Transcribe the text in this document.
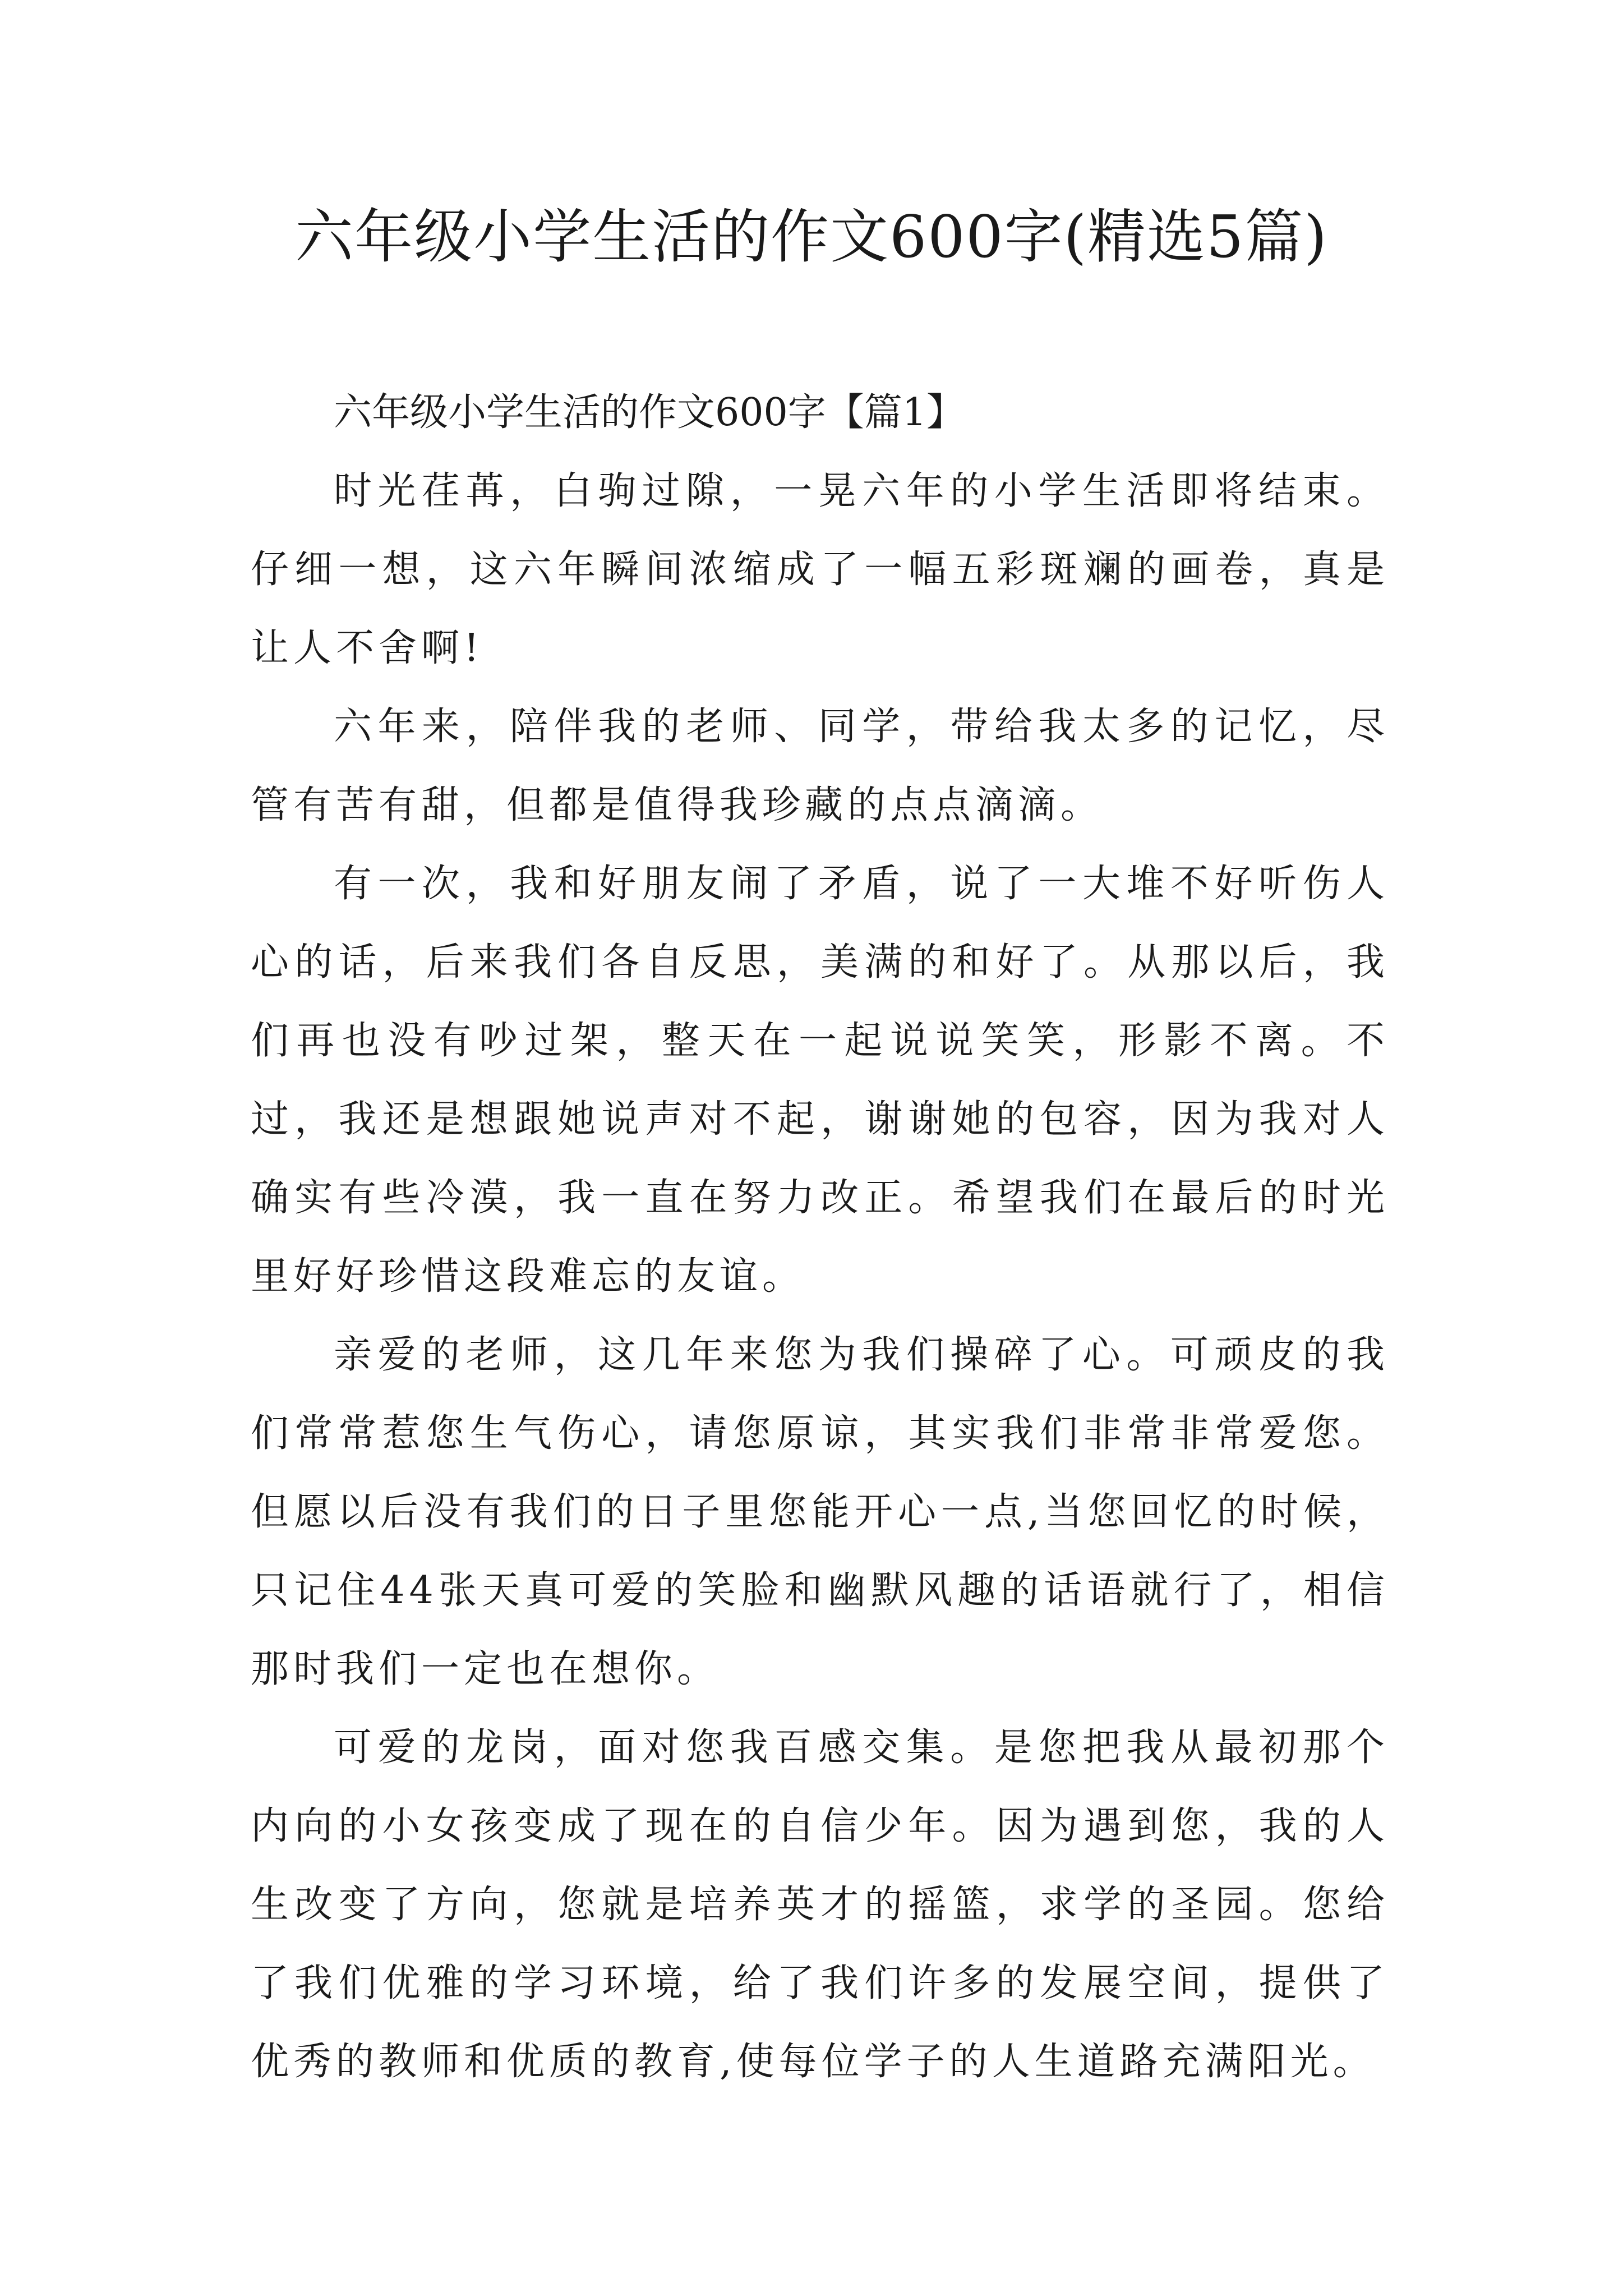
六年级小学生活的作文600字(精选5篇)

六年级小学生活的作文600字【篇1】

时光荏苒，白驹过隙，一晃六年的小学生活即将结束。仔细一想，这六年瞬间浓缩成了一幅五彩斑斓的画卷，真是让人不舍啊!

六年来，陪伴我的老师、同学，带给我太多的记忆，尽管有苦有甜，但都是值得我珍藏的点点滴滴。

有一次，我和好朋友闹了矛盾，说了一大堆不好听伤人心的话，后来我们各自反思，美满的和好了。从那以后，我们再也没有吵过架，整天在一起说说笑笑，形影不离。不过，我还是想跟她说声对不起，谢谢她的包容，因为我对人确实有些冷漠，我一直在努力改正。希望我们在最后的时光里好好珍惜这段难忘的友谊。

亲爱的老师，这几年来您为我们操碎了心。可顽皮的我们常常惹您生气伤心，请您原谅，其实我们非常非常爱您。但愿以后没有我们的日子里您能开心一点,当您回忆的时候，只记住44张天真可爱的笑脸和幽默风趣的话语就行了，相信那时我们一定也在想你。

可爱的龙岗，面对您我百感交集。是您把我从最初那个内向的小女孩变成了现在的自信少年。因为遇到您，我的人生改变了方向，您就是培养英才的摇篮，求学的圣园。您给了我们优雅的学习环境，给了我们许多的发展空间，提供了优秀的教师和优质的教育,使每位学子的人生道路充满阳光。
